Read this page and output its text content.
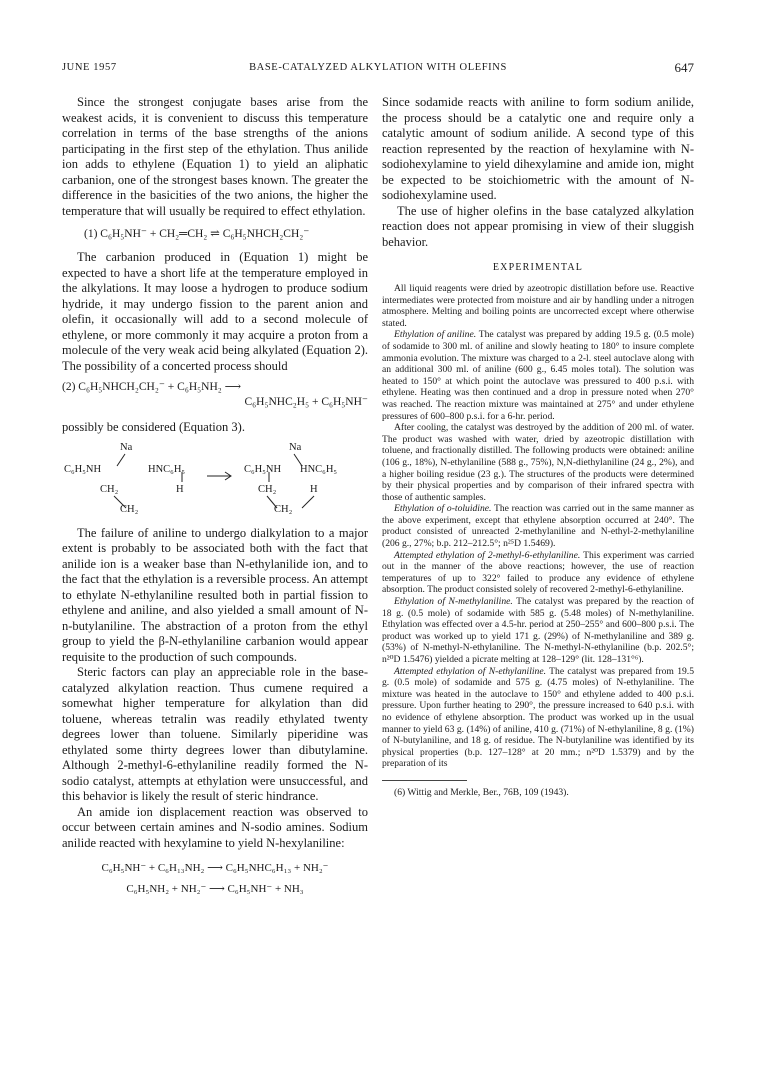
JUNE 1957	BASE-CATALYZED ALKYLATION WITH OLEFINS	647

Since the strongest conjugate bases arise from the weakest acids, it is convenient to discuss this temperature correlation in terms of the base strengths of the anions participating in the first step of the ethylation. Thus anilide ion adds to ethylene (Equation 1) to yield an aliphatic carbanion, one of the strongest bases known. The greater the difference in the basicities of the two anions, the higher the temperature that will usually be required to effect ethylation.

(1) C₆H₅NH⁻ + CH₂═CH₂ ⇌ C₆H₅NHCH₂CH₂⁻

The carbanion produced in (Equation 1) might be expected to have a short life at the temperature employed in the alkylations. It may loose a hydrogen to produce sodium hydride, it may undergo fission to the parent anion and olefin, it occasionally will add to a second molecule of ethylene, or more commonly it may acquire a proton from a molecule of the very weak acid being alkylated (Equation 2). The possibility of a concerted process should

(2) C₆H₅NHCH₂CH₂⁻ + C₆H₅NH₂ ⟶

C₆H₅NHC₂H₅ + C₆H₅NH⁻

possibly be considered (Equation 3).

Na	Na
C₆H₅NH	HNC₆H₅	C₆H₅NH HNC₆H₅
CH₂	H
CH₂
CH₂	H
CH₂

The failure of aniline to undergo dialkylation to a major extent is probably to be associated both with the fact that anilide ion is a weaker base than N-ethylanilide ion, and to the fact that the ethylation is a reversible process. An attempt to ethylate N-ethylaniline resulted both in partial fission to ethylene and aniline, and also yielded a small amount of N-n-butylaniline. The abstraction of a proton from the ethyl group to yield the β-N-ethylaniline carbanion would appear requisite to the production of such compounds.

Steric factors can play an appreciable role in the base-catalyzed alkylation reaction. Thus cumene required a somewhat higher temperature for alkylation than did toluene, whereas tetralin was readily ethylated twenty degrees lower than toluene. Similarly piperidine was ethylated some thirty degrees lower than dibutylamine. Although 2-methyl-6-ethylaniline readily formed the N-sodio catalyst, attempts at ethylation were unsuccessful, and this behavior is likely the result of steric hindrance.

An amide ion displacement reaction was observed to occur between certain amines and N-sodio amines. Sodium anilide reacted with hexylamine to yield N-hexylaniline:

C₆H₅NH⁻ + C₆H₁₃NH₂ ⟶ C₆H₅NHC₆H₁₃ + NH₂⁻

C₆H₅NH₂ + NH₂⁻ ⟶ C₆H₅NH⁻ + NH₃

Since sodamide reacts with aniline to form sodium anilide, the process should be a catalytic one and require only a catalytic amount of sodium anilide. A second type of this reaction represented by the reaction of hexylamine with N-sodiohexylamine to yield dihexylamine and amide ion, might be expected to be stoichiometric with the amount of N-sodiohexylamine used.

The use of higher olefins in the base catalyzed alkylation reaction does not appear promising in view of their sluggish behavior.

EXPERIMENTAL

All liquid reagents were dried by azeotropic distillation before use. Reactive intermediates were protected from moisture and air by handling under a nitrogen atmosphere. Melting and boiling points are uncorrected except where otherwise stated.

Ethylation of aniline. The catalyst was prepared by adding 19.5 g. (0.5 mole) of sodamide to 300 ml. of aniline and slowly heating to 180° to insure complete ammonia evolution. The mixture was charged to a 2-l. steel autoclave along with an additional 300 ml. of aniline (600 g., 6.45 moles total). The solution was heated to 150° at which point the autoclave was pressured to 400 p.s.i. with ethylene. Heating was then continued and a drop in pressure noted when 270° was reached. The reaction mixture was maintained at 275° and under ethylene pressures of 600–800 p.s.i. for a 6-hr. period.

After cooling, the catalyst was destroyed by the addition of 200 ml. of water. The product was washed with water, dried by azeotropic distillation with toluene, and fractionally distilled. The following products were obtained: aniline (106 g., 18%), N-ethylaniline (588 g., 75%), N,N-diethylaniline (24 g., 2%), and a higher boiling residue (23 g.). The structures of the products were determined by their physical properties and by comparison of their infrared spectra with those of authentic samples.

Ethylation of o-toluidine. The reaction was carried out in the same manner as the above experiment, except that ethylene absorption occurred at 240°. The product consisted of unreacted 2-methylaniline and N-ethyl-2-methylaniline (206 g., 27%; b.p. 212–212.5°; n²⁵D 1.5469).

Attempted ethylation of 2-methyl-6-ethylaniline. This experiment was carried out in the manner of the above reactions; however, the use of reaction temperatures of up to 322° failed to produce any evidence of ethylene absorption. The product consisted solely of recovered 2-methyl-6-ethylaniline.

Ethylation of N-methylaniline. The catalyst was prepared by the reaction of 18 g. (0.5 mole) of sodamide with 585 g. (5.48 moles) of N-methylaniline. Ethylation was effected over a 4.5-hr. period at 250–255° and 600–800 p.s.i. The product was worked up to yield 171 g. (29%) of N-methylaniline and 389 g. (53%) of N-methyl-N-ethylaniline. The N-methyl-N-ethylaniline (b.p. 202.5°; n²⁰D 1.5476) yielded a picrate melting at 128–129° (lit. 128–131°⁶).

Attempted ethylation of N-ethylaniline. The catalyst was prepared from 19.5 g. (0.5 mole) of sodamide and 575 g. (4.75 moles) of N-ethylaniline. The mixture was heated in the autoclave to 150° and ethylene added to 400 p.s.i. pressure. Upon further heating to 290°, the pressure increased to 640 p.s.i. with no evidence of ethylene absorption. The product was worked up in the usual manner to yield 63 g. (14%) of aniline, 410 g. (71%) of N-ethylaniline, 8 g. (1%) of N-butylaniline, and 18 g. of residue. The N-butylaniline was identified by its physical properties (b.p. 127–128° at 20 mm.; n²⁰D 1.5379) and by the preparation of its

(6) Wittig and Merkle, Ber., 76B, 109 (1943).
